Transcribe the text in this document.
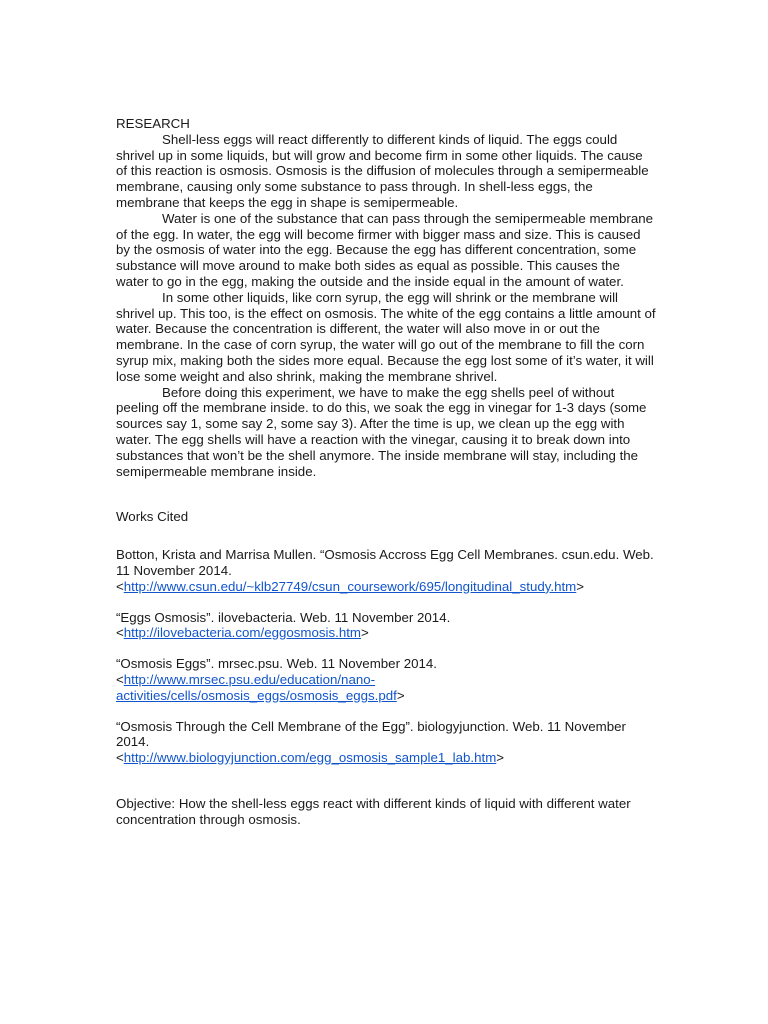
RESEARCH

Shell-less eggs will react differently to different kinds of liquid. The eggs could shrivel up in some liquids, but will grow and become firm in some other liquids. The cause of this reaction is osmosis. Osmosis is the diffusion of molecules through a semipermeable membrane, causing only some substance to pass through. In shell-less eggs, the membrane that keeps the egg in shape is semipermeable.

Water is one of the substance that can pass through the semipermeable membrane of the egg. In water, the egg will become firmer with bigger mass and size. This is caused by the osmosis of water into the egg. Because the egg has different concentration, some substance will move around to make both sides as equal as possible. This causes the water to go in the egg, making the outside and the inside equal in the amount of water.

In some other liquids, like corn syrup, the egg will shrink or the membrane will shrivel up. This too, is the effect on osmosis. The white of the egg contains a little amount of water. Because the concentration is different, the water will also move in or out the membrane. In the case of corn syrup, the water will go out of the membrane to fill the corn syrup mix, making both the sides more equal. Because the egg lost some of it’s water, it will lose some weight and also shrink, making the membrane shrivel.

Before doing this experiment, we have to make the egg shells peel of without peeling off the membrane inside. to do this, we soak the egg in vinegar for 1-3 days (some sources say 1, some say 2, some say 3). After the time is up, we clean up the egg with water. The egg shells will have a reaction with the vinegar, causing it to break down into substances that won’t be the shell anymore. The inside membrane will stay, including the semipermeable membrane inside.

Works Cited
Botton, Krista and Marrisa Mullen. “Osmosis Accross Egg Cell Membranes. csun.edu. Web. 11 November 2014.
<http://www.csun.edu/~klb27749/csun_coursework/695/longitudinal_study.htm>
“Eggs Osmosis”. ilovebacteria. Web. 11 November 2014.
<http://ilovebacteria.com/eggosmosis.htm>
“Osmosis Eggs”. mrsec.psu. Web. 11 November 2014.
<http://www.mrsec.psu.edu/education/nano-activities/cells/osmosis_eggs/osmosis_eggs.pdf>
“Osmosis Through the Cell Membrane of the Egg”. biologyjunction. Web. 11 November 2014.
<http://www.biologyjunction.com/egg_osmosis_sample1_lab.htm>
Objective: How the shell-less eggs react with different kinds of liquid with different water concentration through osmosis.
